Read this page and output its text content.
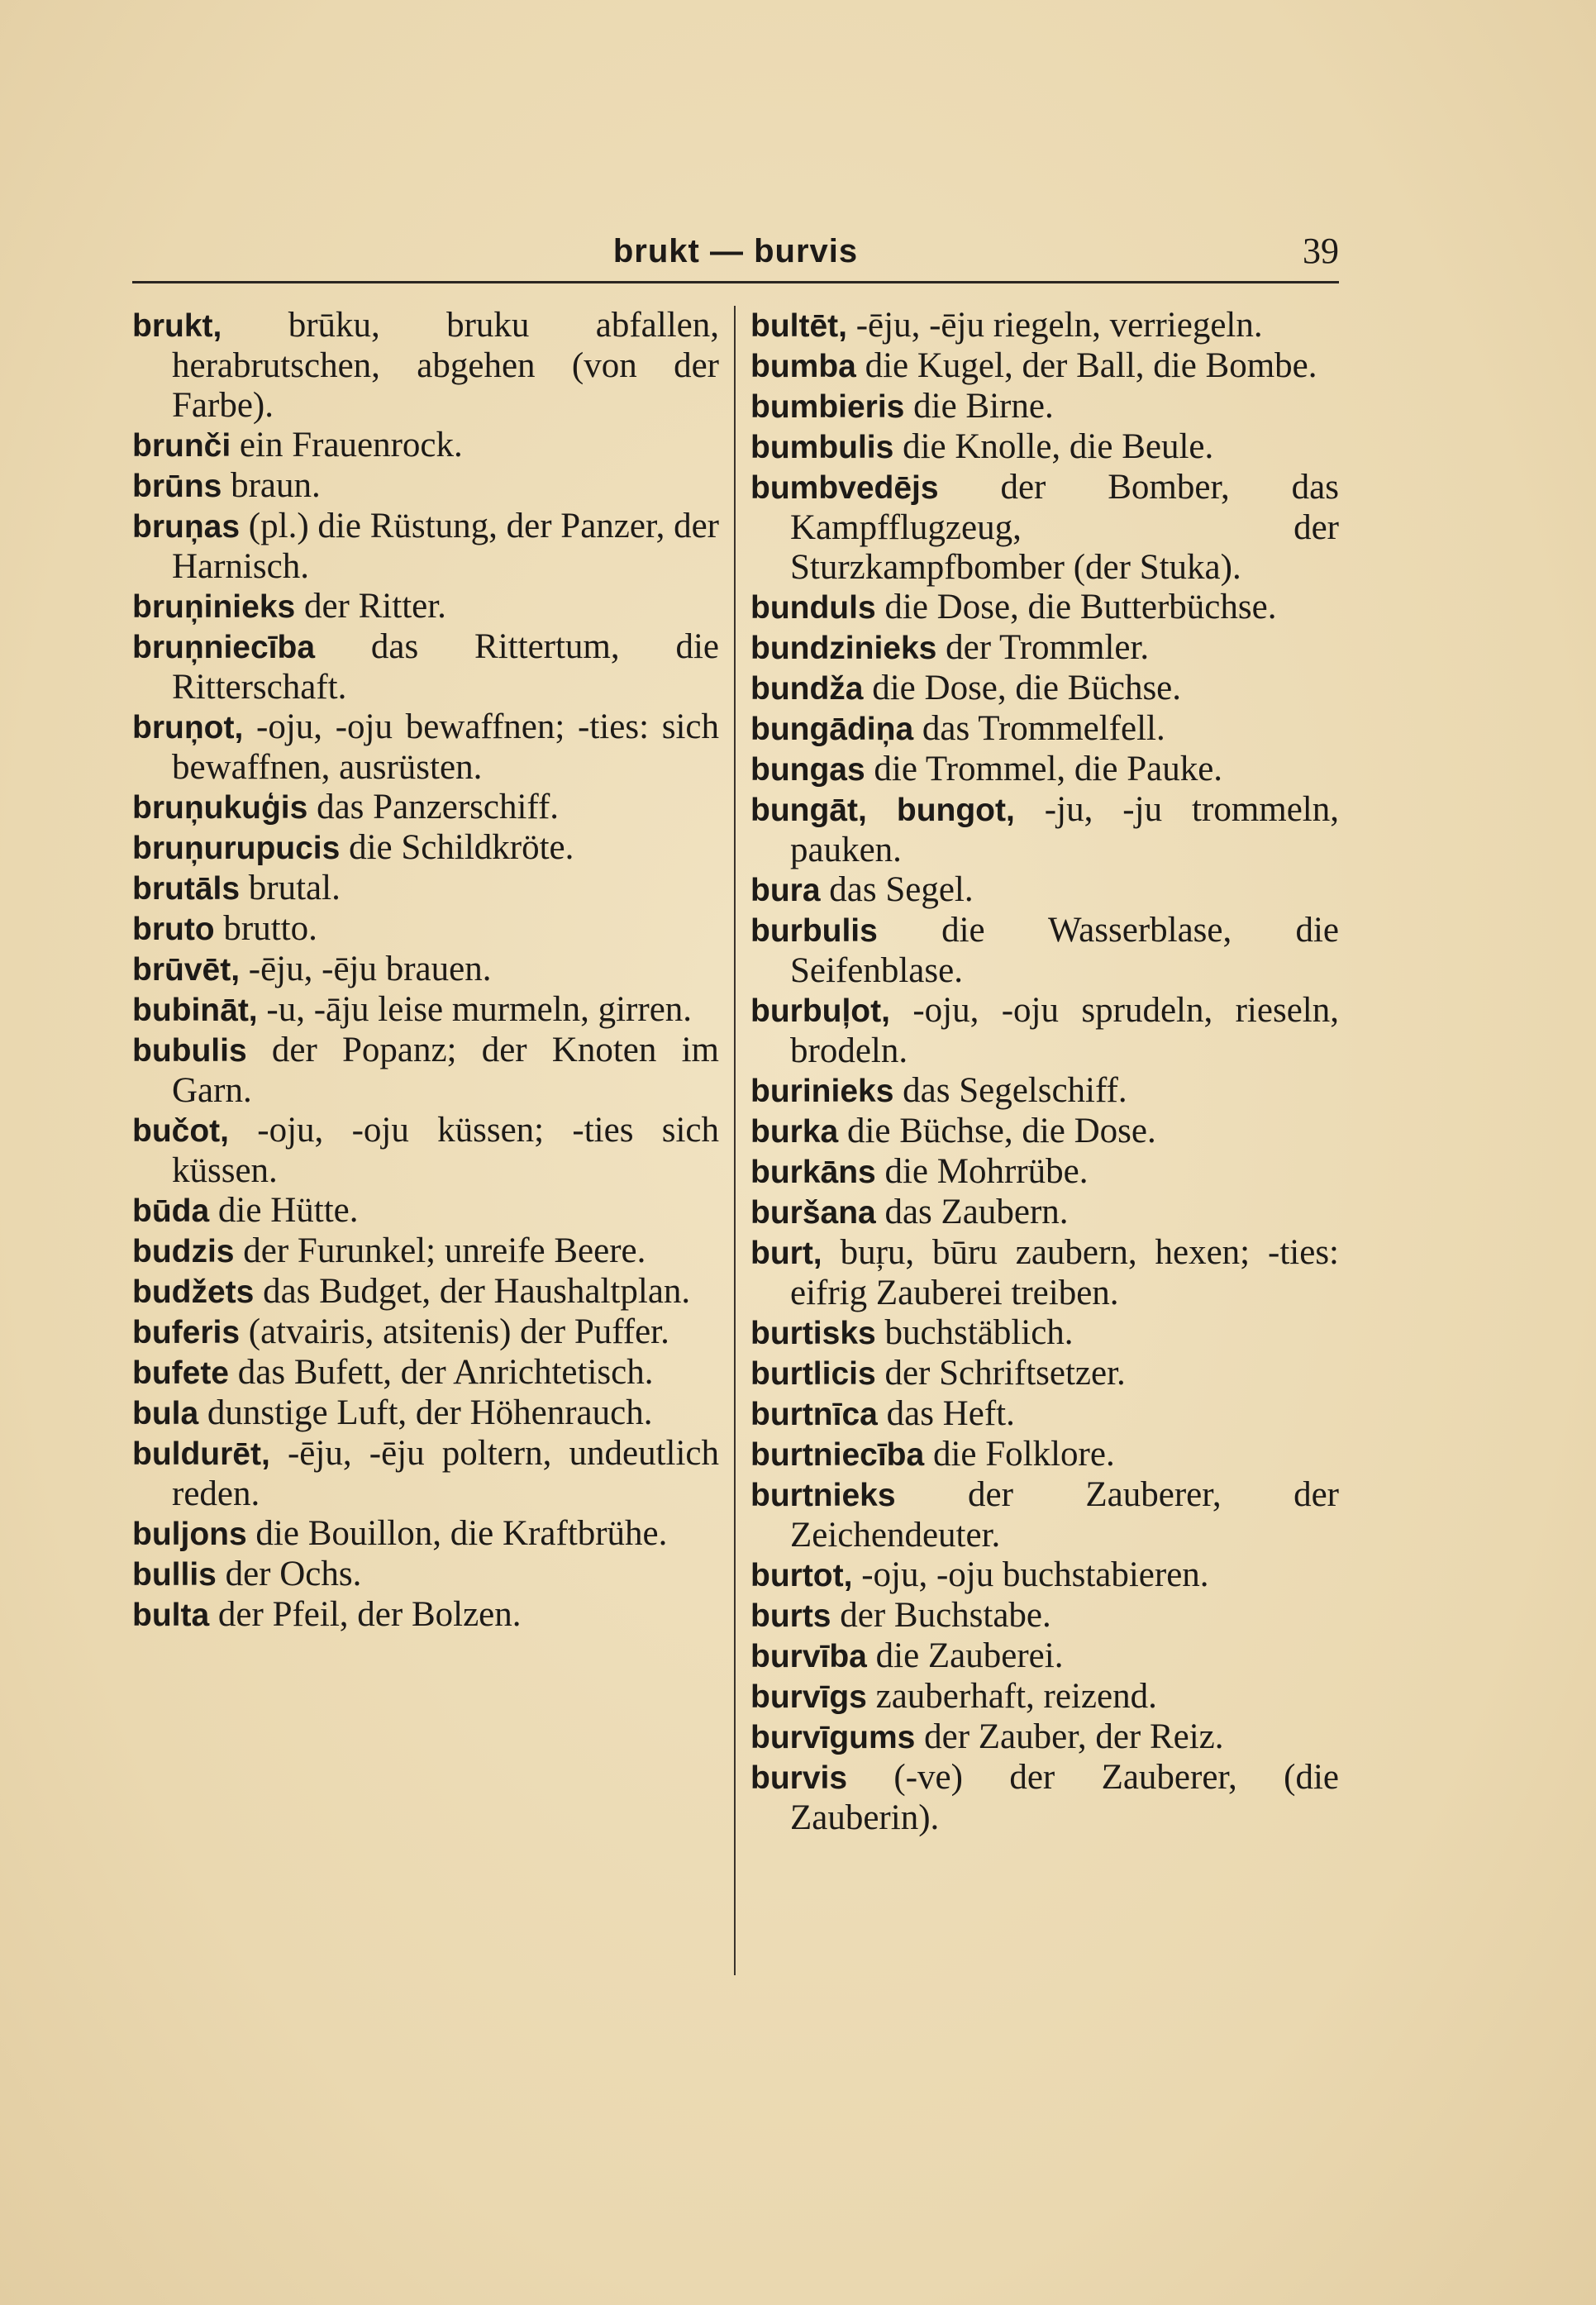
brukt — burvis	39

brukt, brūku, bruku abfallen, herabrutschen, abgehen (von der Farbe).

brunči ein Frauenrock.

brūns braun.

bruņas (pl.) die Rüstung, der Panzer, der Harnisch.

bruņinieks der Ritter.

bruņniecība das Rittertum, die Ritterschaft.

bruņot, -oju, -oju bewaffnen; -ties: sich bewaffnen, ausrüsten.

bruņukuģis das Panzerschiff.

bruņurupucis die Schildkröte.

brutāls brutal.

bruto brutto.

brūvēt, -ēju, -ēju brauen.

bubināt, -u, -āju leise murmeln, girren.

bubulis der Popanz; der Knoten im Garn.

bučot, -oju, -oju küssen; -ties sich küssen.

būda die Hütte.

budzis der Furunkel; unreife Beere.

budžets das Budget, der Haushaltplan.

buferis (atvairis, atsitenis) der Puffer.

bufete das Bufett, der Anrichtetisch.

bula dunstige Luft, der Höhenrauch.

buldurēt, -ēju, -ēju poltern, undeutlich reden.

buljons die Bouillon, die Kraftbrühe.

bullis der Ochs.

bulta der Pfeil, der Bolzen.

bultēt, -ēju, -ēju riegeln, verriegeln.

bumba die Kugel, der Ball, die Bombe.

bumbieris die Birne.

bumbulis die Knolle, die Beule.

bumbvedējs der Bomber, das Kampfflugzeug, der Sturzkampfbomber (der Stuka).

bunduls die Dose, die Butterbüchse.

bundzinieks der Trommler.

bundža die Dose, die Büchse.

bungādiņa das Trommelfell.

bungas die Trommel, die Pauke.

bungāt, bungot, -ju, -ju trommeln, pauken.

bura das Segel.

burbulis die Wasserblase, die Seifenblase.

burbuļot, -oju, -oju sprudeln, rieseln, brodeln.

burinieks das Segelschiff.

burka die Büchse, die Dose.

burkāns die Mohrrübe.

buršana das Zaubern.

burt, buŗu, būru zaubern, hexen; -ties: eifrig Zauberei treiben.

burtisks buchstäblich.

burtlicis der Schriftsetzer.

burtnīca das Heft.

burtniecība die Folklore.

burtnieks der Zauberer, der Zeichendeuter.

burtot, -oju, -oju buchstabieren.

burts der Buchstabe.

burvība die Zauberei.

burvīgs zauberhaft, reizend.

burvīgums der Zauber, der Reiz.

burvis (-ve) der Zauberer, (die Zauberin).
